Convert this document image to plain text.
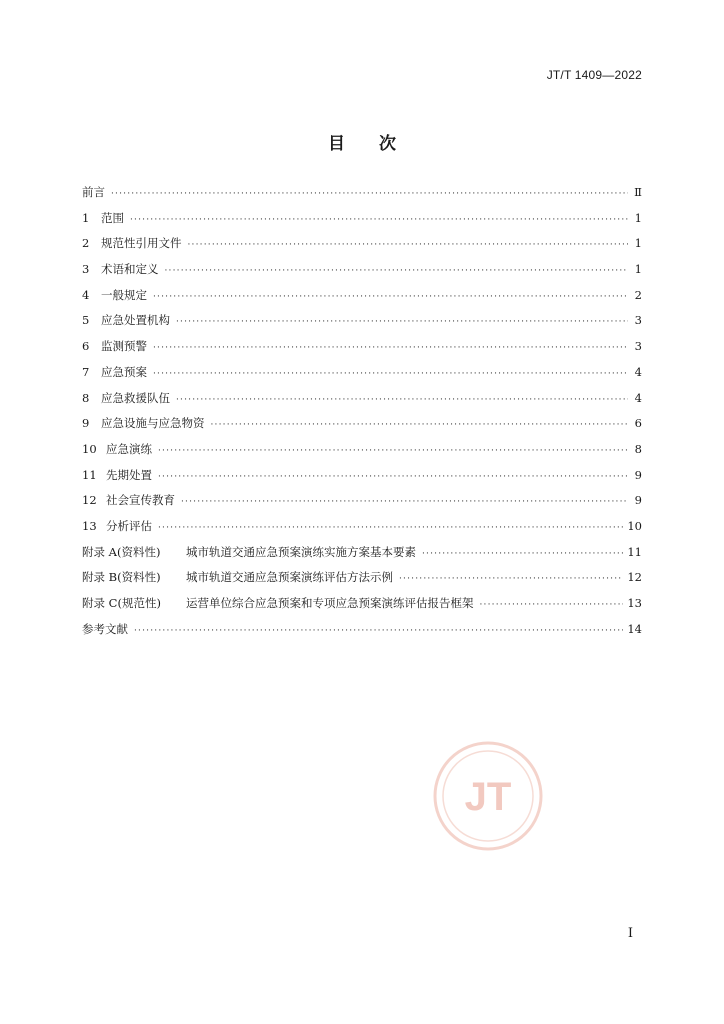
JT/T 1409—2022
目 次
前言 ·····	Ⅱ
1	范围 ·····	1
2	规范性引用文件 ·····	1
3	术语和定义 ·····	1
4	一般规定 ·····	2
5	应急处置机构 ·····	3
6	监测预警 ·····	3
7	应急预案 ·····	4
8	应急救援队伍 ·····	4
9	应急设施与应急物资 ·····	6
10 应急演练 ·····	8
11 先期处置 ·····	9
12 社会宣传教育 ·····	9
13 分析评估 ·····	10
附录 A(资料性)	城市轨道交通应急预案演练实施方案基本要素 ·····	11
附录 B(资料性)	城市轨道交通应急预案演练评估方法示例 ·····	12
附录 C(规范性)	运营单位综合应急预案和专项应急预案演练评估报告框架 ·····	13
参考文献 ·····	14
JT
I
